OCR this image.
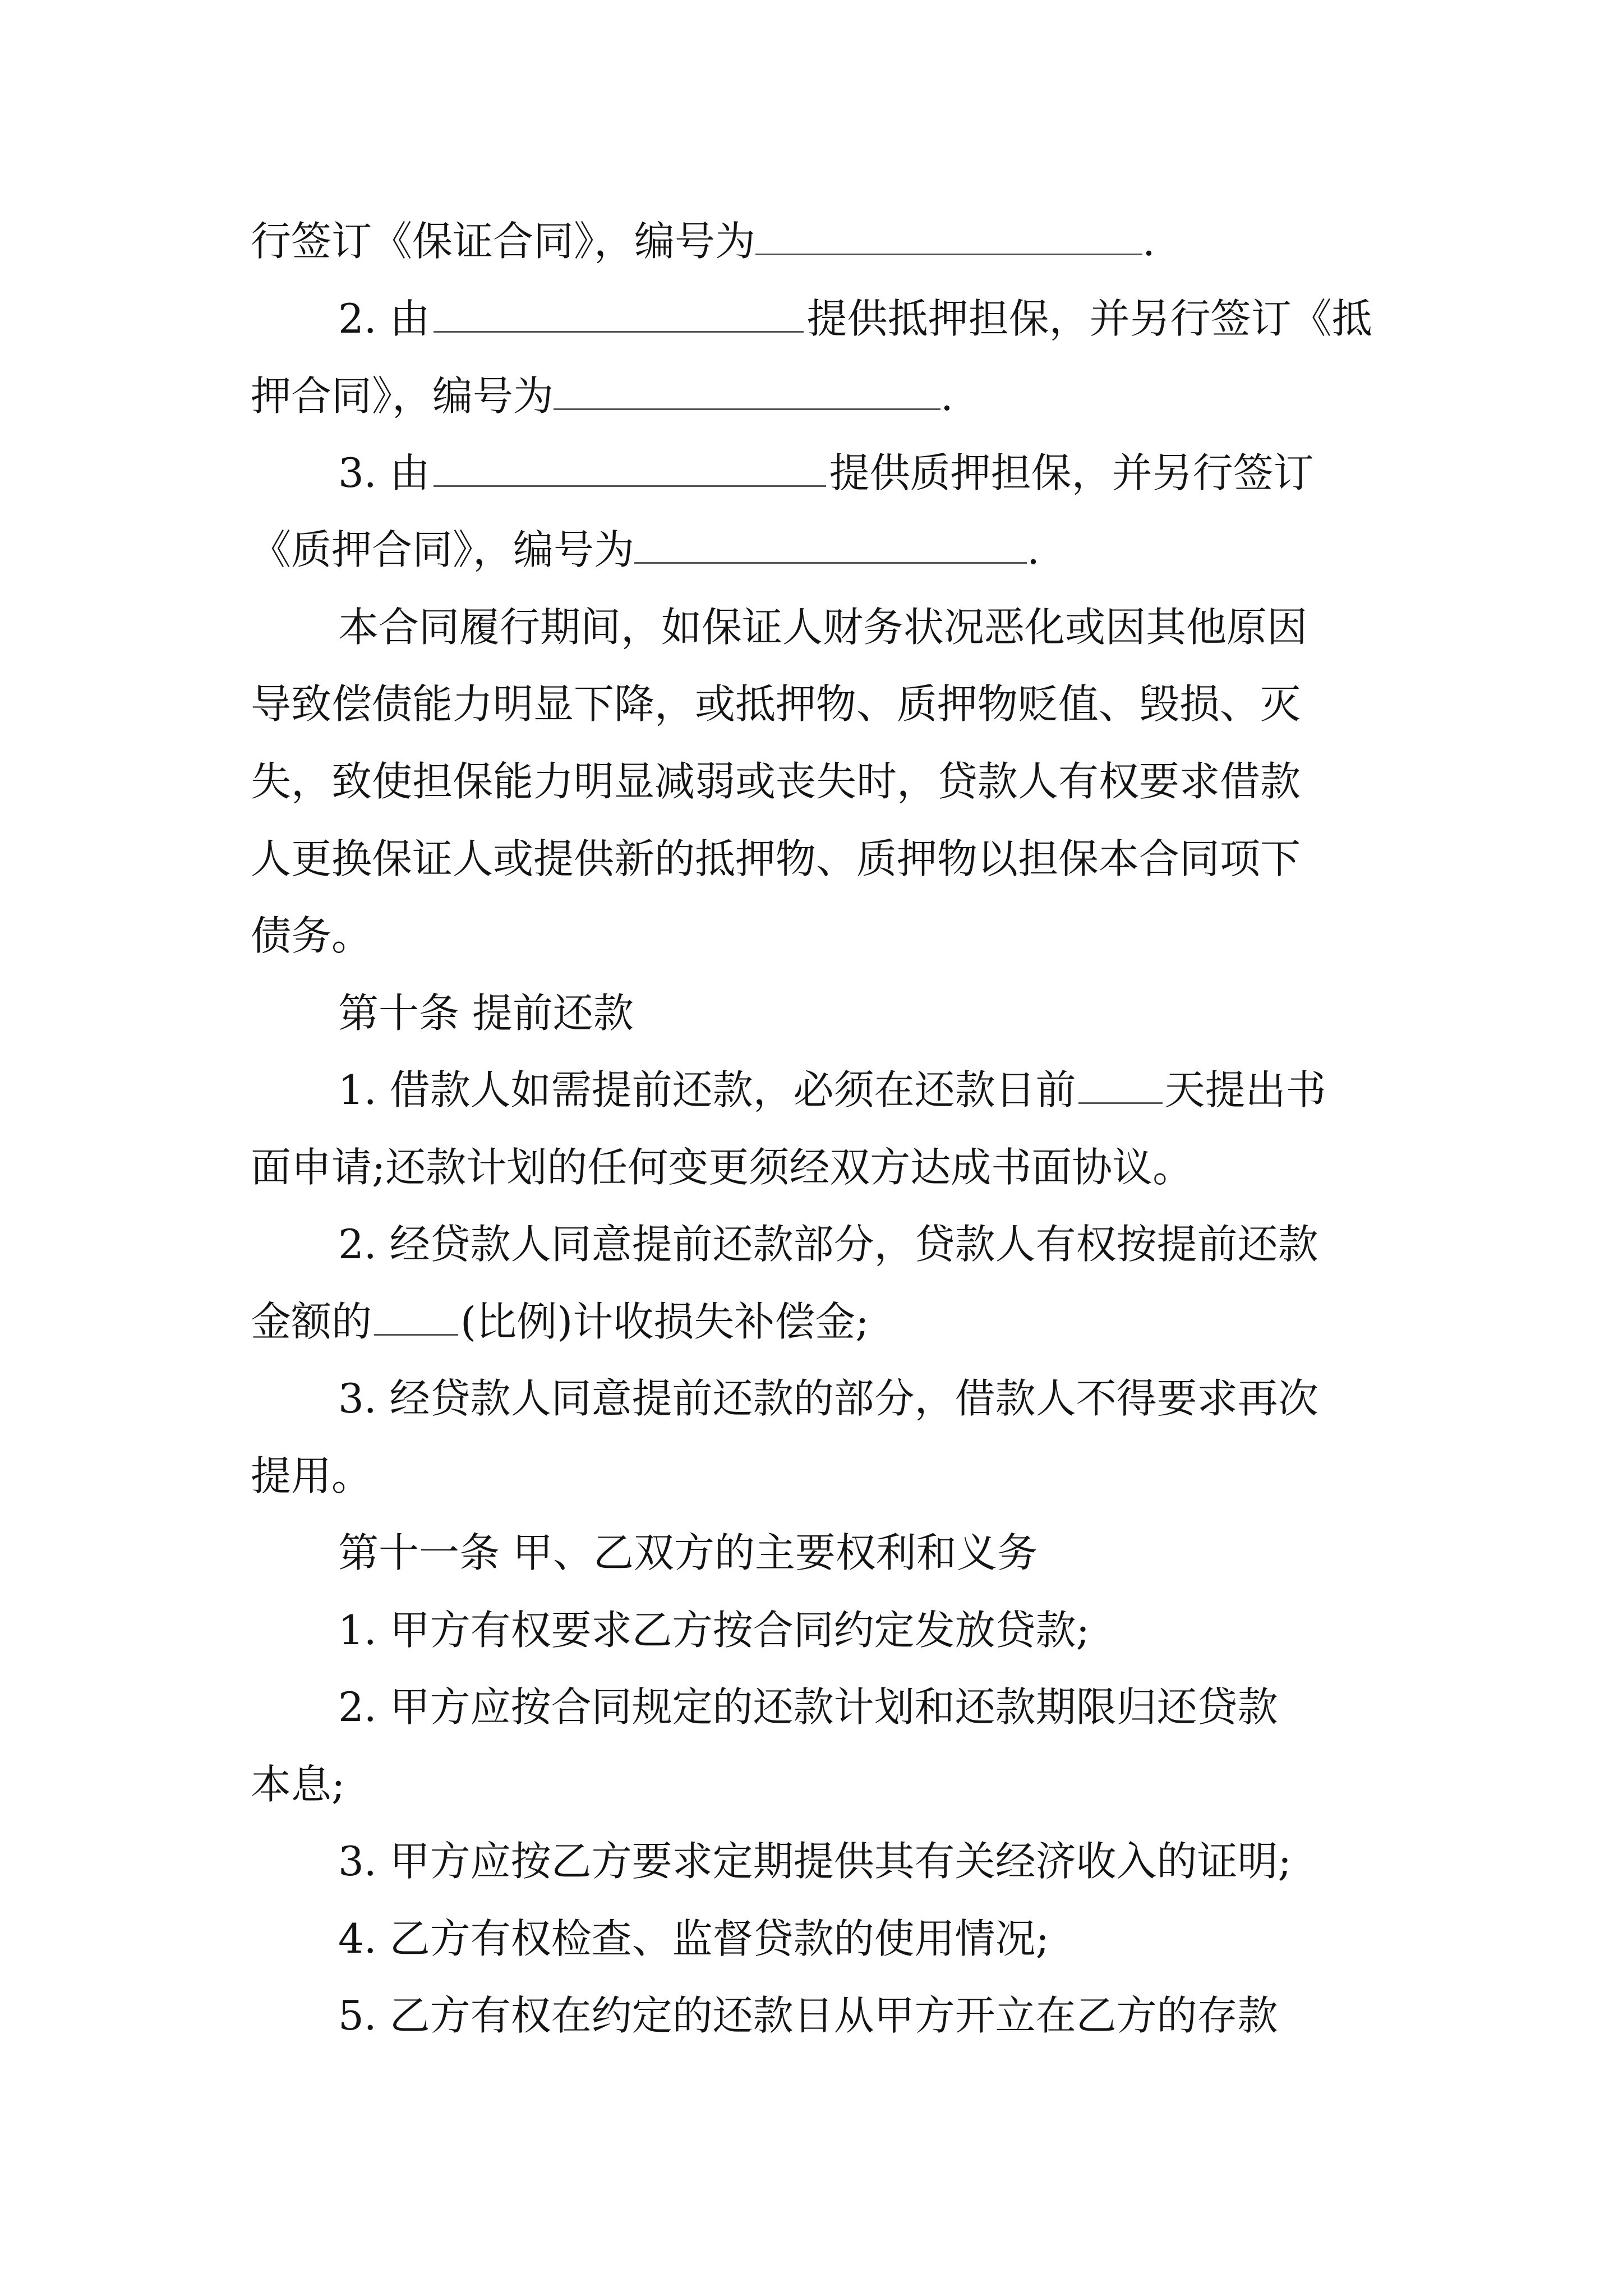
行签订《保证合同》，编号为	.
2. 由	提供抵押担保，并另行签订《抵
押合同》，编号为	.
3. 由	提供质押担保，并另行签订
《质押合同》，编号为	.
本合同履行期间，如保证人财务状况恶化或因其他原因
导致偿债能力明显下降，或抵押物、质押物贬值、毁损、灭
失，致使担保能力明显减弱或丧失时，贷款人有权要求借款
人更换保证人或提供新的抵押物、质押物以担保本合同项下
债务。
第十条 提前还款
1. 借款人如需提前还款，必须在还款日前 天提出书
面申请;还款计划的任何变更须经双方达成书面协议。
2. 经贷款人同意提前还款部分，贷款人有权按提前还款
金额的 (比例)计收损失补偿金;
3. 经贷款人同意提前还款的部分，借款人不得要求再次
提用。
第十一条 甲、乙双方的主要权利和义务
1. 甲方有权要求乙方按合同约定发放贷款;
2. 甲方应按合同规定的还款计划和还款期限归还贷款
本息;
3. 甲方应按乙方要求定期提供其有关经济收入的证明;
4. 乙方有权检查、监督贷款的使用情况;
5. 乙方有权在约定的还款日从甲方开立在乙方的存款
